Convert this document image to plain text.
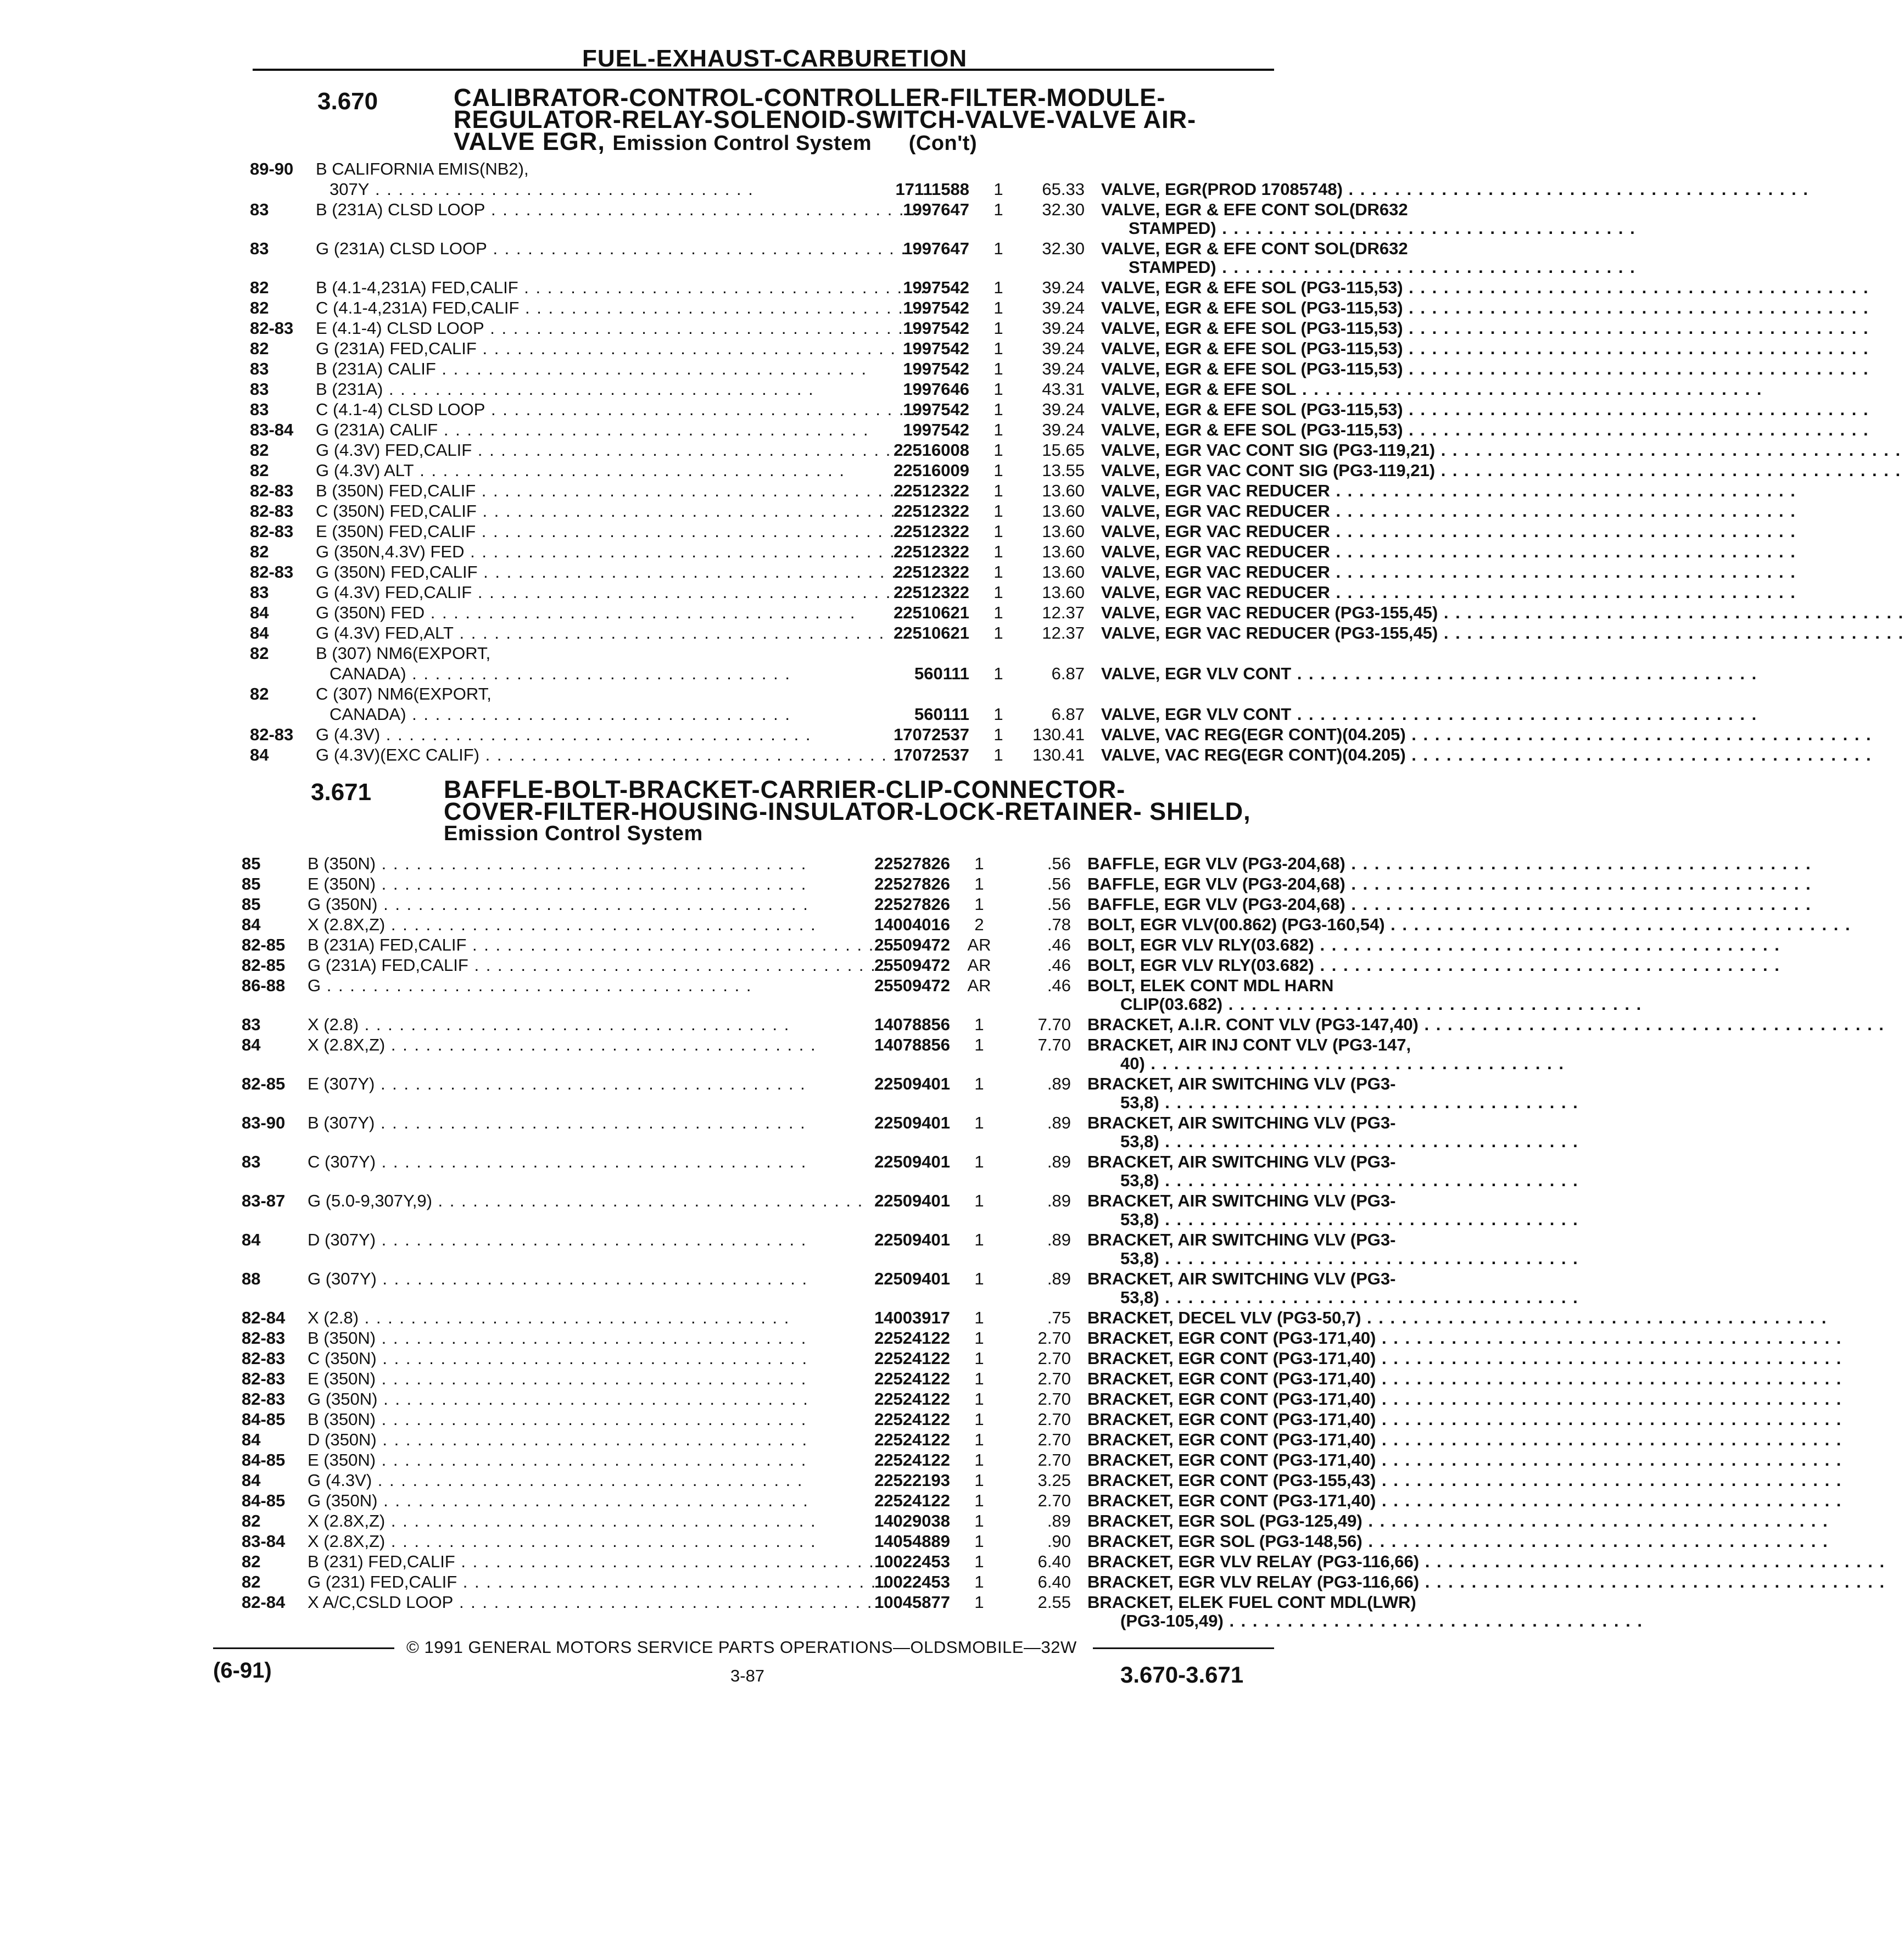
FUEL-EXHAUST-CARBURETION
3.670	CALIBRATOR-CONTROL-CONTROLLER-FILTER-MODULE-
REGULATOR-RELAY-SOLENOID-SWITCH-VALVE-VALVE AIR-
VALVE EGR, Emission Control System (Con't)
89-90	B CALIFORNIA EMIS(NB2),
307Y . . .	17111588	1	65.33 VALVE, EGR(PROD 17085748) . . .
83	B (231A) CLSD LOOP . . .	1997647	1	32.30 VALVE, EGR & EFE CONT SOL(DR632
STAMPED) . . .
83	G (231A) CLSD LOOP . . .	1997647	1	32.30 VALVE, EGR & EFE CONT SOL(DR632
STAMPED) . . .
82	B (4.1-4,231A) FED,CALIF . . .	1997542	1	39.24 VALVE, EGR & EFE SOL (PG3-115,53) . . .
82	C (4.1-4,231A) FED,CALIF . . .	1997542	1	39.24 VALVE, EGR & EFE SOL (PG3-115,53) . . .
82-83	E (4.1-4) CLSD LOOP . . .	1997542	1	39.24 VALVE, EGR & EFE SOL (PG3-115,53) . . .
82	G (231A) FED,CALIF . . .	1997542	1	39.24 VALVE, EGR & EFE SOL (PG3-115,53) . . .
83	B (231A) CALIF . . .	1997542	1	39.24 VALVE, EGR & EFE SOL (PG3-115,53) . . .
83	B (231A) . . .	1997646	1	43.31 VALVE, EGR & EFE SOL . . .
83	C (4.1-4) CLSD LOOP . . .	1997542	1	39.24 VALVE, EGR & EFE SOL (PG3-115,53) . . .
83-84	G (231A) CALIF . . .	1997542	1	39.24 VALVE, EGR & EFE SOL (PG3-115,53) . . .
82	G (4.3V) FED,CALIF . . .	22516008	1	15.65 VALVE, EGR VAC CONT SIG (PG3-119,21) . . .
82	G (4.3V) ALT . . .	22516009	1	13.55 VALVE, EGR VAC CONT SIG (PG3-119,21) . . .
82-83	B (350N) FED,CALIF . . .	22512322	1	13.60 VALVE, EGR VAC REDUCER . . .
82-83	C (350N) FED,CALIF . . .	22512322	1	13.60 VALVE, EGR VAC REDUCER . . .
82-83	E (350N) FED,CALIF . . .	22512322	1	13.60 VALVE, EGR VAC REDUCER . . .
82	G (350N,4.3V) FED . . .	22512322	1	13.60 VALVE, EGR VAC REDUCER . . .
82-83	G (350N) FED,CALIF . . .	22512322	1	13.60 VALVE, EGR VAC REDUCER . . .
83	G (4.3V) FED,CALIF . . .	22512322	1	13.60 VALVE, EGR VAC REDUCER . . .
84	G (350N) FED . . .	22510621	1	12.37 VALVE, EGR VAC REDUCER (PG3-155,45) . . .
84	G (4.3V) FED,ALT . . .	22510621	1	12.37 VALVE, EGR VAC REDUCER (PG3-155,45) . . .
82	B (307) NM6(EXPORT,
CANADA) . . .	560111	1	6.87 VALVE, EGR VLV CONT . . .
82	C (307) NM6(EXPORT,
CANADA) . . .	560111	1	6.87 VALVE, EGR VLV CONT . . .
82-83	G (4.3V) . . .	17072537	1	130.41 VALVE, VAC REG(EGR CONT)(04.205) . . .
84	G (4.3V)(EXC CALIF) . . .	17072537	1	130.41 VALVE, VAC REG(EGR CONT)(04.205) . . .
3.671	BAFFLE-BOLT-BRACKET-CARRIER-CLIP-CONNECTOR-
COVER-FILTER-HOUSING-INSULATOR-LOCK-RETAINER- SHIELD,
Emission Control System
85	B (350N) . . .	22527826	1	.56 BAFFLE, EGR VLV (PG3-204,68) . . .
85	E (350N) . . .	22527826	1	.56 BAFFLE, EGR VLV (PG3-204,68) . . .
85	G (350N) . . .	22527826	1	.56 BAFFLE, EGR VLV (PG3-204,68) . . .
84	X (2.8X,Z) . . .	14004016	2	.78 BOLT, EGR VLV(00.862) (PG3-160,54) . . .
82-85	B (231A) FED,CALIF . . .	25509472 AR	.46 BOLT, EGR VLV RLY(03.682) . . .
82-85	G (231A) FED,CALIF . . .	25509472 AR	.46 BOLT, EGR VLV RLY(03.682) . . .
86-88	G . . .	25509472 AR	.46 BOLT, ELEK CONT MDL HARN
CLIP(03.682) . . .
83	X (2.8) . . .	14078856	1	7.70 BRACKET, A.I.R. CONT VLV (PG3-147,40) . . .
84	X (2.8X,Z) . . .	14078856	1	7.70 BRACKET, AIR INJ CONT VLV (PG3-147,
40) . . .
82-85	E (307Y) . . .	22509401	1	.89 BRACKET, AIR SWITCHING VLV (PG3-
53,8) . . .
83-90	B (307Y) . . .	22509401	1	.89 BRACKET, AIR SWITCHING VLV (PG3-
53,8) . . .
83	C (307Y) . . .	22509401	1	.89 BRACKET, AIR SWITCHING VLV (PG3-
53,8) . . .
83-87	G (5.0-9,307Y,9) . . .	22509401	1	.89 BRACKET, AIR SWITCHING VLV (PG3-
53,8) . . .
84	D (307Y) . . .	22509401	1	.89 BRACKET, AIR SWITCHING VLV (PG3-
53,8) . . .
88	G (307Y) . . .	22509401	1	.89 BRACKET, AIR SWITCHING VLV (PG3-
53,8) . . .
82-84	X (2.8) . . .	14003917	1	.75 BRACKET, DECEL VLV (PG3-50,7) . . .
82-83	B (350N) . . .	22524122	1	2.70 BRACKET, EGR CONT (PG3-171,40) . . .
82-83	C (350N) . . .	22524122	1	2.70 BRACKET, EGR CONT (PG3-171,40) . . .
82-83	E (350N) . . .	22524122	1	2.70 BRACKET, EGR CONT (PG3-171,40) . . .
82-83	G (350N) . . .	22524122	1	2.70 BRACKET, EGR CONT (PG3-171,40) . . .
84-85	B (350N) . . .	22524122	1	2.70 BRACKET, EGR CONT (PG3-171,40) . . .
84	D (350N) . . .	22524122	1	2.70 BRACKET, EGR CONT (PG3-171,40) . . .
84-85	E (350N) . . .	22524122	1	2.70 BRACKET, EGR CONT (PG3-171,40) . . .
84	G (4.3V) . . .	22522193	1	3.25 BRACKET, EGR CONT (PG3-155,43) . . .
84-85	G (350N) . . .	22524122	1	2.70 BRACKET, EGR CONT (PG3-171,40) . . .
82	X (2.8X,Z) . . .	14029038	1	.89 BRACKET, EGR SOL (PG3-125,49) . . .
83-84	X (2.8X,Z) . . .	14054889	1	.90 BRACKET, EGR SOL (PG3-148,56) . . .
82	B (231) FED,CALIF . . .	10022453	1	6.40 BRACKET, EGR VLV RELAY (PG3-116,66) . . .
82	G (231) FED,CALIF . . .	10022453	1	6.40 BRACKET, EGR VLV RELAY (PG3-116,66) . . .
82-84	X A/C,CSLD LOOP . . .	10045877	1	2.55 BRACKET, ELEK FUEL CONT MDL(LWR)
(PG3-105,49) . . .
© 1991 GENERAL MOTORS SERVICE PARTS OPERATIONS—OLDSMOBILE—32W
3-87
(6-91)	3.670-3.671
